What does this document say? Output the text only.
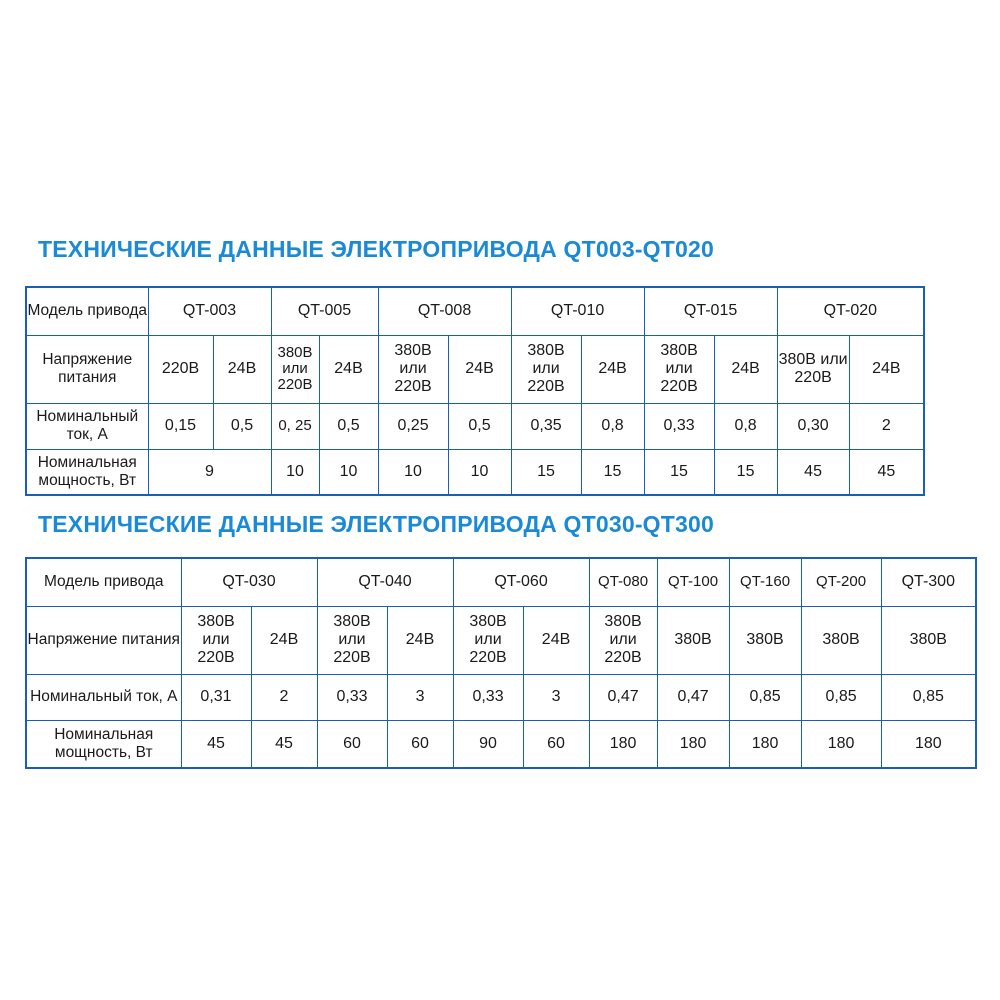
ТЕХНИЧЕСКИЕ ДАННЫЕ ЭЛЕКТРОПРИВОДА QT003-QT020
Модель привода	QT-003		QT-005		QT-008		QT-010		QT-015		QT-020	
Напряжение питания	220В	24В	380В или 220В	24В	380В или 220В	24В	380В или 220В	24В	380В или 220В	24В	380В или 220В	24В
Номинальный ток, А	0,15	0,5	0, 25	0,5	0,25	0,5	0,35	0,8	0,33	0,8	0,30	2
Номинальная мощность, Вт	9		10	10	10	10	15	15	15	15	45	45
ТЕХНИЧЕСКИЕ ДАННЫЕ ЭЛЕКТРОПРИВОДА QT030-QT300
Модель привода	QT-030		QT-040		QT-060		QT-080	QT-100	QT-160	QT-200	QT-300
Напряжение питания	380В или 220В	24В	380В или 220В	24В	380В или 220В	24В	380В или 220В	380В	380В	380В	380В
Номинальный ток, А	0,31	2	0,33	3	0,33	3	0,47	0,47	0,85	0,85	0,85
Номинальная мощность, Вт	45	45	60	60	90	60	180	180	180	180	180
